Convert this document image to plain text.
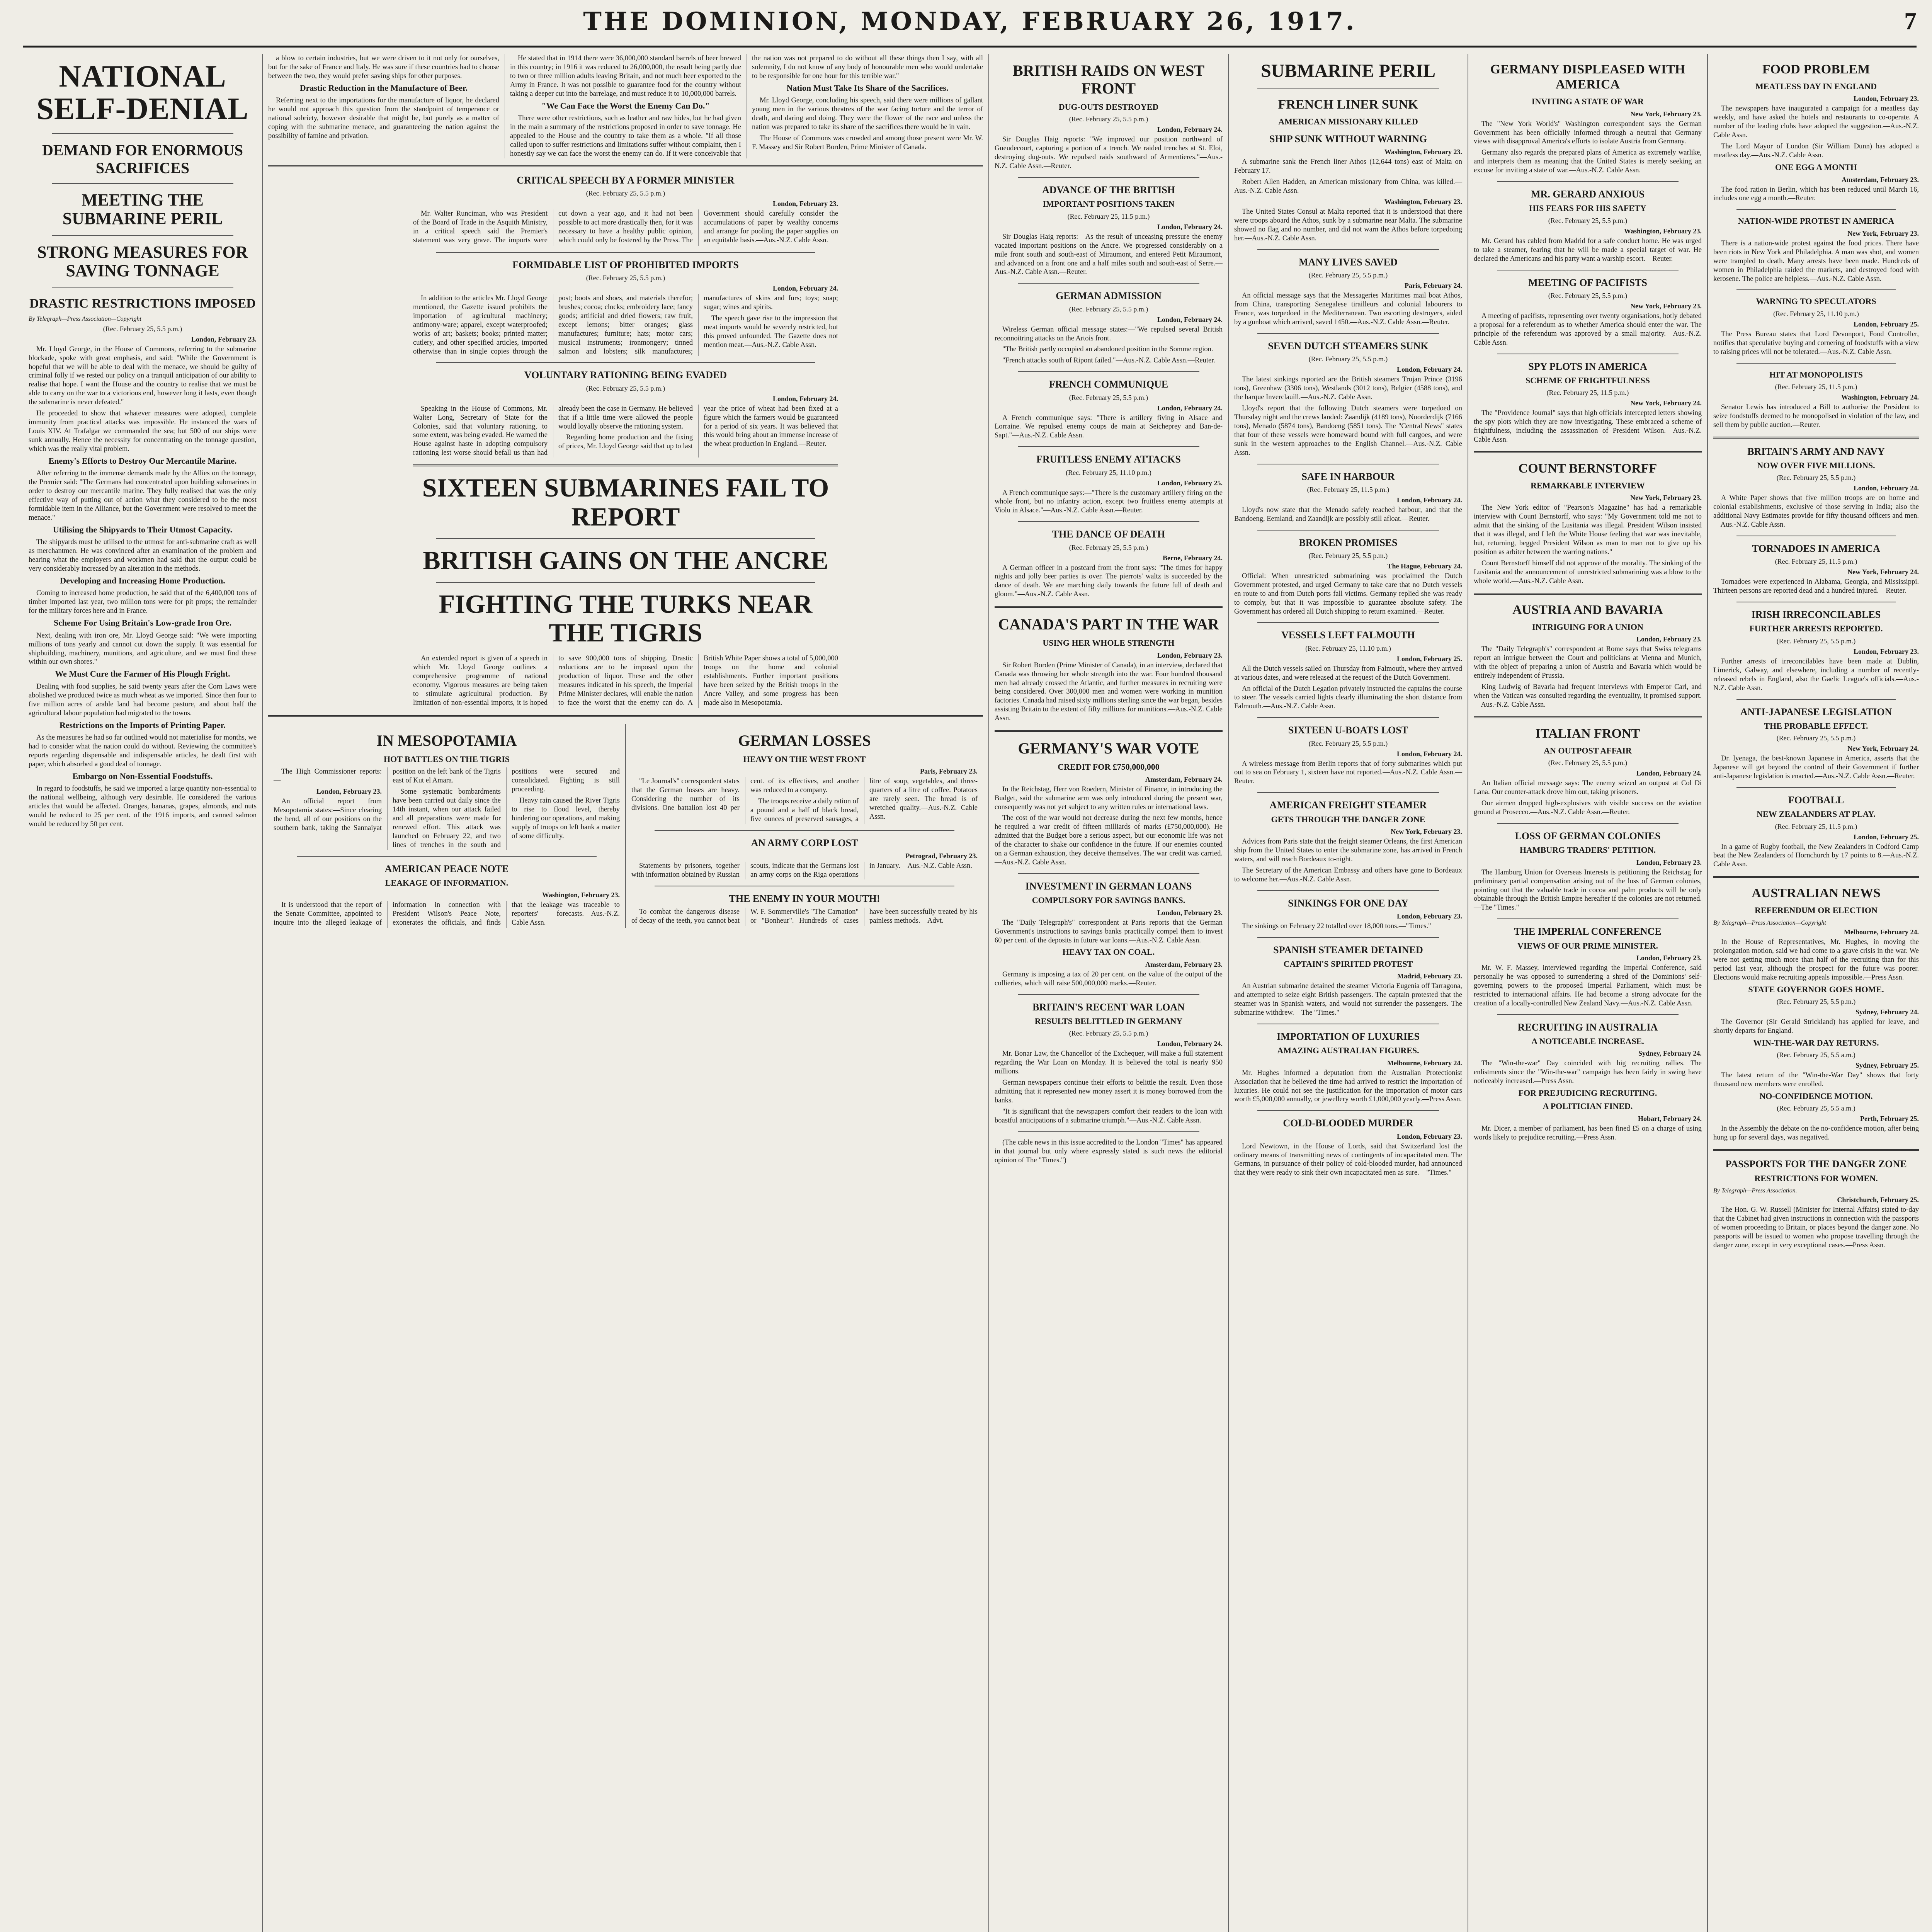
THE DOMINION, MONDAY, FEBRUARY 26, 1917.	7
NATIONAL SELF-DENIAL
DEMAND FOR ENORMOUS SACRIFICES
MEETING THE SUBMARINE PERIL
STRONG MEASURES FOR SAVING TONNAGE
DRASTIC RESTRICTIONS IMPOSED
By Telegraph—Press Association—Copyright
(Rec. February 25, 5.5 p.m.)
London, February 23.

Mr. Lloyd George, in the House of Commons, referring to the submarine blockade, spoke with great emphasis, and said: "While the Government is hopeful that we will be able to deal with the menace, we should be guilty of criminal folly if we rested our policy on a tranquil anticipation of our ability to realise that hope. I want the House and the country to realise that we must be able to carry on the war to a victorious end, however long it lasts, even though the submarine is never defeated."

He proceeded to show that whatever measures were adopted, complete immunity from practical attacks was impossible. He instanced the wars of Louis XIV. At Trafalgar we commanded the sea; but 500 of our ships were sunk annually. Hence the necessity for concentrating on the tonnage question, which was the really vital problem.

Enemy's Efforts to Destroy Our Mercantile Marine.

After referring to the immense demands made by the Allies on the tonnage, the Premier said: "The Germans had concentrated upon building submarines in order to destroy our mercantile marine. They fully realised that was the only effective way of putting out of action what they considered to be the most formidable item in the Alliance, but the Government were resolved to meet the menace."

Utilising the Shipyards to Their Utmost Capacity.

The shipyards must be utilised to the utmost for anti-submarine craft as well as merchantmen. He was convinced after an examination of the problem and hearing what the employers and workmen had said that the output could be very considerably increased by an alteration in the methods.

Developing and Increasing Home Production.

Coming to increased home production, he said that of the 6,400,000 tons of timber imported last year, two million tons were for pit props; the remainder for the military forces here and in France.

Scheme For Using Britain's Low-grade Iron Ore.

Next, dealing with iron ore, Mr. Lloyd George said: "We were importing millions of tons yearly and cannot cut down the supply. It was essential for shipbuilding, machinery, munitions, and agriculture, and we must find these within our own shores."

We Must Cure the Farmer of His Plough Fright.

Dealing with food supplies, he said twenty years after the Corn Laws were abolished we produced twice as much wheat as we imported. Since then four to five million acres of arable land had become pasture, and about half the agricultural labour population had migrated to the towns.

Restrictions on the Imports of Printing Paper.

As the measures he had so far outlined would not materialise for months, we had to consider what the nation could do without. Reviewing the committee's reports regarding dispensable and indispensable articles, he dealt first with paper, which absorbed a good deal of tonnage.

Embargo on Non-Essential Foodstuffs.

In regard to foodstuffs, he said we imported a large quantity non-essential to the national wellbeing, although very desirable. He considered the various articles that would be affected. Oranges, bananas, grapes, almonds, and nuts would be reduced to 25 per cent. of the 1916 imports, and canned salmon would be reduced by 50 per cent.

a blow to certain industries, but we were driven to it not only for ourselves, but for the sake of France and Italy. He was sure if these countries had to choose between the two, they would prefer saving ships for other purposes.

Drastic Reduction in the Manufacture of Beer.

Referring next to the importations for the manufacture of liquor, he declared he would not approach this question from the standpoint of temperance or national sobriety, however desirable that might be, but purely as a matter of coping with the submarine menace, and guaranteeing the nation against the possibility of famine and privation.

He stated that in 1914 there were 36,000,000 standard barrels of beer brewed in this country; in 1916 it was reduced to 26,000,000, the result being partly due to two or three million adults leaving Britain, and not much beer exported to the Army in France. It was not possible to guarantee food for the country without taking a deeper cut into the barrelage, and must reduce it to 10,000,000 barrels.

"We Can Face the Worst the Enemy Can Do."

There were other restrictions, such as leather and raw hides, but he had given in the main a summary of the restrictions proposed in order to save tonnage. He appealed to the House and the country to take them as a whole. "If all those called upon to suffer restrictions and limitations suffer without complaint, then I honestly say we can face the worst the enemy can do. If it were conceivable that the nation was not prepared to do without all these things then I say, with all solemnity, I do not know of any body of honourable men who would undertake to be responsible for one hour for this terrible war."

Nation Must Take Its Share of the Sacrifices.

Mr. Lloyd George, concluding his speech, said there were millions of gallant young men in the various theatres of the war facing torture and the terror of death, and daring and doing. They were the flower of the race and unless the nation was prepared to take its share of the sacrifices there would be in vain.

The House of Commons was crowded and among those present were Mr. W. F. Massey and Sir Robert Borden, Prime Minister of Canada.

CRITICAL SPEECH BY A FORMER MINISTER
(Rec. February 25, 5.5 p.m.)
London, February 23.

Mr. Walter Runciman, who was President of the Board of Trade in the Asquith Ministry, in a critical speech said the Premier's statement was very grave. The imports were cut down a year ago, and it had not been possible to act more drastically then, for it was necessary to have a healthy public opinion, which could only be fostered by the Press. The Government should carefully consider the accumulations of paper by wealthy concerns and arrange for pooling the paper supplies on an equitable basis.—Aus.-N.Z. Cable Assn.

FORMIDABLE LIST OF PROHIBITED IMPORTS
(Rec. February 25, 5.5 p.m.)
London, February 24.

In addition to the articles Mr. Lloyd George mentioned, the Gazette issued prohibits the importation of agricultural machinery; antimony-ware; apparel, except waterproofed; works of art; baskets; books; printed matter; cutlery, and other specified articles, imported otherwise than in single copies through the post; boots and shoes, and materials therefor; brushes; cocoa; clocks; embroidery lace; fancy goods; artificial and dried flowers; raw fruit, except lemons; bitter oranges; glass manufactures; furniture; hats; motor cars; musical instruments; ironmongery; tinned salmon and lobsters; silk manufactures; manufactures of skins and furs; toys; soap; sugar; wines and spirits.

The speech gave rise to the impression that meat imports would be severely restricted, but this proved unfounded. The Gazette does not mention meat.—Aus.-N.Z. Cable Assn.

VOLUNTARY RATIONING BEING EVADED
(Rec. February 25, 5.5 p.m.)
London, February 24.

Speaking in the House of Commons, Mr. Walter Long, Secretary of State for the Colonies, said that voluntary rationing, to some extent, was being evaded. He warned the House against haste in adopting compulsory rationing lest worse should befall us than had already been the case in Germany. He believed that if a little time were allowed the people would loyally observe the rationing system.

Regarding home production and the fixing of prices, Mr. Lloyd George said that up to last year the price of wheat had been fixed at a figure which the farmers would be guaranteed for a period of six years. It was believed that this would bring about an immense increase of the wheat production in England.—Reuter.

SIXTEEN SUBMARINES FAIL TO REPORT
BRITISH GAINS ON THE ANCRE
FIGHTING THE TURKS NEAR THE TIGRIS

An extended report is given of a speech in which Mr. Lloyd George outlines a comprehensive programme of national economy. Vigorous measures are being taken to stimulate agricultural production. By limitation of non-essential imports, it is hoped to save 900,000 tons of shipping. Drastic reductions are to be imposed upon the production of liquor. These and the other measures indicated in his speech, the Imperial Prime Minister declares, will enable the nation to face the worst that the enemy can do. A British White Paper shows a total of 5,000,000 troops on the home and colonial establishments. Further important positions have been seized by the British troops in the Ancre Valley, and some progress has been made also in Mesopotamia.

IN MESOPOTAMIA
HOT BATTLES ON THE TIGRIS

The High Commissioner reports:—

London, February 23.

An official report from Mesopotamia states:—Since clearing the bend, all of our positions on the southern bank, taking the Sannaiyat position on the left bank of the Tigris east of Kut el Amara.

Some systematic bombardments have been carried out daily since the 14th instant, when our attack failed and all preparations were made for renewed effort. This attack was launched on February 22, and two lines of trenches in the south and positions were secured and consolidated. Fighting is still proceeding.

Heavy rain caused the River Tigris to rise to flood level, thereby hindering our operations, and making supply of troops on left bank a matter of some difficulty.

AMERICAN PEACE NOTE
LEAKAGE OF INFORMATION.
Washington, February 23.

It is understood that the report of the Senate Committee, appointed to inquire into the alleged leakage of information in connection with President Wilson's Peace Note, exonerates the officials, and finds that the leakage was traceable to reporters' forecasts.—Aus.-N.Z. Cable Assn.

GERMAN LOSSES
HEAVY ON THE WEST FRONT
Paris, February 23.

"Le Journal's" correspondent states that the German losses are heavy. Considering the number of its divisions. One battalion lost 40 per cent. of its effectives, and another was reduced to a company.

The troops receive a daily ration of a pound and a half of black bread, five ounces of preserved sausages, a litre of soup, vegetables, and three-quarters of a litre of coffee. Potatoes are rarely seen. The bread is of wretched quality.—Aus.-N.Z. Cable Assn.

AN ARMY CORP LOST
Petrograd, February 23.

Statements by prisoners, together with information obtained by Russian scouts, indicate that the Germans lost an army corps on the Riga operations in January.—Aus.-N.Z. Cable Assn.

THE ENEMY IN YOUR MOUTH!

To combat the dangerous disease of decay of the teeth, you cannot beat W. F. Sommerville's "The Carnation" or "Bonheur". Hundreds of cases have been successfully treated by his painless methods.—Advt.

BRITISH RAIDS ON WEST FRONT
DUG-OUTS DESTROYED
(Rec. February 25, 5.5 p.m.)
London, February 24.

Sir Douglas Haig reports: "We improved our position northward of Gueudecourt, capturing a portion of a trench. We raided trenches at St. Eloi, destroying dug-outs. We repulsed raids southward of Armentieres."—Aus.-N.Z. Cable Assn.—Reuter.

ADVANCE OF THE BRITISH
IMPORTANT POSITIONS TAKEN
(Rec. February 25, 11.5 p.m.)
London, February 24.

Sir Douglas Haig reports:—As the result of unceasing pressure the enemy vacated important positions on the Ancre. We progressed considerably on a mile front south and south-east of Miraumont, and entered Petit Miraumont, and advanced on a front one and a half miles south and south-east of Serre.—Aus.-N.Z. Cable Assn.—Reuter.

GERMAN ADMISSION
(Rec. February 25, 5.5 p.m.)
London, February 24.

Wireless German official message states:—"We repulsed several British reconnoitring attacks on the Artois front.

"The British partly occupied an abandoned position in the Somme region.

"French attacks south of Ripont failed."—Aus.-N.Z. Cable Assn.—Reuter.

FRENCH COMMUNIQUE
(Rec. February 25, 5.5 p.m.)
London, February 24.

A French communique says: "There is artillery fiving in Alsace and Lorraine. We repulsed enemy coups de main at Seicheprey and Ban-de-Sapt."—Aus.-N.Z. Cable Assn.

FRUITLESS ENEMY ATTACKS
(Rec. February 25, 11.10 p.m.)
London, February 25.

A French communique says:—"There is the customary artillery firing on the whole front, but no infantry action, except two fruitless enemy attempts at Violu in Alsace."—Aus.-N.Z. Cable Assn.—Reuter.

THE DANCE OF DEATH
(Rec. February 25, 5.5 p.m.)
Berne, February 24.

A German officer in a postcard from the front says: "The times for happy nights and jolly beer parties is over. The pierrots' waltz is succeeded by the dance of death. We are marching daily towards the future full of death and gloom."—Aus.-N.Z. Cable Assn.

CANADA'S PART IN THE WAR
USING HER WHOLE STRENGTH
London, February 23.

Sir Robert Borden (Prime Minister of Canada), in an interview, declared that Canada was throwing her whole strength into the war. Four hundred thousand men had already crossed the Atlantic, and further measures in recruiting were being considered. Over 300,000 men and women were working in munition factories. Canada had raised sixty millions sterling since the war began, besides assisting Britain to the extent of fifty millions for munitions.—Aus.-N.Z. Cable Assn.

GERMANY'S WAR VOTE
CREDIT FOR £750,000,000
Amsterdam, February 24.

In the Reichstag, Herr von Roedern, Minister of Finance, in introducing the Budget, said the submarine arm was only introduced during the present war, consequently was not yet subject to any written rules or international laws.

The cost of the war would not decrease during the next few months, hence he required a war credit of fifteen milliards of marks (£750,000,000). He admitted that the Budget bore a serious aspect, but our economic life was not of the character to shake our confidence in the future. If our enemies counted on a German exhaustion, they deceive themselves. The war credit was carried.—Aus.-N.Z. Cable Assn.

INVESTMENT IN GERMAN LOANS
COMPULSORY FOR SAVINGS BANKS.
London, February 23.

The "Daily Telegraph's" correspondent at Paris reports that the German Government's instructions to savings banks practically compel them to invest 60 per cent. of the deposits in future war loans.—Aus.-N.Z. Cable Assn.

HEAVY TAX ON COAL.
Amsterdam, February 23.

Germany is imposing a tax of 20 per cent. on the value of the output of the collieries, which will raise 500,000,000 marks.—Reuter.

BRITAIN'S RECENT WAR LOAN
RESULTS BELITTLED IN GERMANY
(Rec. February 25, 5.5 p.m.)
London, February 24.

Mr. Bonar Law, the Chancellor of the Exchequer, will make a full statement regarding the War Loan on Monday. It is believed the total is nearly 950 millions.

German newspapers continue their efforts to belittle the result. Even those admitting that it represented new money assert it is money borrowed from the banks.

"It is significant that the newspapers comfort their readers to the loan with boastful anticipations of a submarine triumph."—Aus.-N.Z. Cable Assn.

(The cable news in this issue accredited to the London "Times" has appeared in that journal but only where expressly stated is such news the editorial opinion of The "Times.")

SUBMARINE PERIL
FRENCH LINER SUNK
AMERICAN MISSIONARY KILLED
SHIP SUNK WITHOUT WARNING
Washington, February 23.

A submarine sank the French liner Athos (12,644 tons) east of Malta on February 17.

Robert Allen Hadden, an American missionary from China, was killed.—Aus.-N.Z. Cable Assn.

Washington, February 23.

The United States Consul at Malta reported that it is understood that there were troops aboard the Athos, sunk by a submarine near Malta. The submarine showed no flag and no number, and did not warn the Athos before torpedoing her.—Aus.-N.Z. Cable Assn.

MANY LIVES SAVED
(Rec. February 25, 5.5 p.m.)
Paris, February 24.

An official message says that the Messageries Maritimes mail boat Athos, from China, transporting Senegalese tirailleurs and colonial labourers to France, was torpedoed in the Mediterranean. Two escorting destroyers, aided by a gunboat which arrived, saved 1450.—Aus.-N.Z. Cable Assn.—Reuter.

SEVEN DUTCH STEAMERS SUNK
(Rec. February 25, 5.5 p.m.)
London, February 24.

The latest sinkings reported are the British steamers Trojan Prince (3196 tons), Greenhaw (3306 tons), Westlands (3012 tons), Belgier (4588 tons), and the barque Inverclauill.—Aus.-N.Z. Cable Assn.

Lloyd's report that the following Dutch steamers were torpedoed on Thursday night and the crews landed: Zaandijk (4189 tons), Noorderdijk (7166 tons), Menado (5874 tons), Bandoeng (5851 tons). The "Central News" states that four of these vessels were homeward bound with full cargoes, and were sunk in the western approaches to the English Channel.—Aus.-N.Z. Cable Assn.

SAFE IN HARBOUR
(Rec. February 25, 11.5 p.m.)
London, February 24.

Lloyd's now state that the Menado safely reached harbour, and that the Bandoeng, Eemland, and Zaandijk are possibly still afloat.—Reuter.

BROKEN PROMISES
(Rec. February 25, 5.5 p.m.)
The Hague, February 24.

Official: When unrestricted submarining was proclaimed the Dutch Government protested, and urged Germany to take care that no Dutch vessels en route to and from Dutch ports fall victims. Germany replied she was ready to comply, but that it was impossible to guarantee absolute safety. The Government has ordered all Dutch shipping to return examined.—Reuter.

VESSELS LEFT FALMOUTH
(Rec. February 25, 11.10 p.m.)
London, February 25.

All the Dutch vessels sailed on Thursday from Falmouth, where they arrived at various dates, and were released at the request of the Dutch Government.

An official of the Dutch Legation privately instructed the captains the course to steer. The vessels carried lights clearly illuminating the short distance from Falmouth.—Aus.-N.Z. Cable Assn.

SIXTEEN U-BOATS LOST
(Rec. February 25, 5.5 p.m.)
London, February 24.

A wireless message from Berlin reports that of forty submarines which put out to sea on February 1, sixteen have not reported.—Aus.-N.Z. Cable Assn.—Reuter.

AMERICAN FREIGHT STEAMER
GETS THROUGH THE DANGER ZONE
New York, February 23.

Advices from Paris state that the freight steamer Orleans, the first American ship from the United States to enter the submarine zone, has arrived in French waters, and will reach Bordeaux to-night.

The Secretary of the American Embassy and others have gone to Bordeaux to welcome her.—Aus.-N.Z. Cable Assn.

SINKINGS FOR ONE DAY
London, February 23.

The sinkings on February 22 totalled over 18,000 tons.—"Times."

SPANISH STEAMER DETAINED
CAPTAIN'S SPIRITED PROTEST
Madrid, February 23.

An Austrian submarine detained the steamer Victoria Eugenia off Tarragona, and attempted to seize eight British passengers. The captain protested that the steamer was in Spanish waters, and would not surrender the passengers. The submarine withdrew.—The "Times."

IMPORTATION OF LUXURIES
AMAZING AUSTRALIAN FIGURES.
Melbourne, February 24.

Mr. Hughes informed a deputation from the Australian Protectionist Association that he believed the time had arrived to restrict the importation of luxuries. He could not see the justification for the importation of motor cars worth £5,000,000 annually, or jewellery worth £1,000,000 yearly.—Press Assn.

COLD-BLOODED MURDER
London, February 23.

Lord Newtown, in the House of Lords, said that Switzerland lost the ordinary means of transmitting news of contingents of incapacitated men. The Germans, in pursuance of their policy of cold-blooded murder, had announced that they were ready to sink their own incapacitated men as sure.—"Times."

GERMANY DISPLEASED WITH AMERICA
INVITING A STATE OF WAR
New York, February 23.

The "New York World's" Washington correspondent says the German Government has been officially informed through a neutral that Germany views with disapproval America's efforts to isolate Austria from Germany.

Germany also regards the prepared plans of America as extremely warlike, and interprets them as meaning that the United States is merely seeking an excuse for inviting a state of war.—Aus.-N.Z. Cable Assn.

MR. GERARD ANXIOUS
HIS FEARS FOR HIS SAFETY
(Rec. February 25, 5.5 p.m.)
Washington, February 23.

Mr. Gerard has cabled from Madrid for a safe conduct home. He was urged to take a steamer, fearing that he will be made a special target of war. He declared the Americans and his party want a warship escort.—Reuter.

MEETING OF PACIFISTS
(Rec. February 25, 5.5 p.m.)
New York, February 23.

A meeting of pacifists, representing over twenty organisations, hotly debated a proposal for a referendum as to whether America should enter the war. The principle of the referendum was approved by a small majority.—Aus.-N.Z. Cable Assn.

SPY PLOTS IN AMERICA
SCHEME OF FRIGHTFULNESS
(Rec. February 25, 11.5 p.m.)
New York, February 24.

The "Providence Journal" says that high officials intercepted letters showing the spy plots which they are now investigating. These embraced a scheme of frightfulness, including the assassination of President Wilson.—Aus.-N.Z. Cable Assn.

COUNT BERNSTORFF
REMARKABLE INTERVIEW
New York, February 23.

The New York editor of "Pearson's Magazine" has had a remarkable interview with Count Bernstorff, who says: "My Government told me not to admit that the sinking of the Lusitania was illegal. President Wilson insisted that it was illegal, and I left the White House feeling that war was inevitable, but, returning, begged President Wilson as man to man not to give up his position as arbiter between the warring nations."

Count Bernstorff himself did not approve of the morality. The sinking of the Lusitania and the announcement of unrestricted submarining was a blow to the whole world.—Aus.-N.Z. Cable Assn.

AUSTRIA AND BAVARIA
INTRIGUING FOR A UNION
London, February 23.

The "Daily Telegraph's" correspondent at Rome says that Swiss telegrams report an intrigue between the Court and politicians at Vienna and Munich, with the object of preparing a union of Austria and Bavaria which would be entirely independent of Prussia.

King Ludwig of Bavaria had frequent interviews with Emperor Carl, and when the Vatican was consulted regarding the eventuality, it promised support.—Aus.-N.Z. Cable Assn.

ITALIAN FRONT
AN OUTPOST AFFAIR
(Rec. February 25, 5.5 p.m.)
London, February 24.

An Italian official message says: The enemy seized an outpost at Col Di Lana. Our counter-attack drove him out, taking prisoners.

Our airmen dropped high-explosives with visible success on the aviation ground at Prosecco.—Aus.-N.Z. Cable Assn.—Reuter.

LOSS OF GERMAN COLONIES
HAMBURG TRADERS' PETITION.
London, February 23.

The Hamburg Union for Overseas Interests is petitioning the Reichstag for preliminary partial compensation arising out of the loss of German colonies, pointing out that the valuable trade in cocoa and palm products will be only obtainable through the British Empire hereafter if the colonies are not returned.—The "Times."

THE IMPERIAL CONFERENCE
VIEWS OF OUR PRIME MINISTER.
London, February 23.

Mr. W. F. Massey, interviewed regarding the Imperial Conference, said personally he was opposed to surrendering a shred of the Dominions' self-governing powers to the proposed Imperial Parliament, which must be restricted to international affairs. He had become a strong advocate for the creation of a locally-controlled New Zealand Navy.—Aus.-N.Z. Cable Assn.

RECRUITING IN AUSTRALIA
A NOTICEABLE INCREASE.
Sydney, February 24.

The "Win-the-war" Day coincided with big recruiting rallies. The enlistments since the "Win-the-war" campaign has been fairly in swing have noticeably increased.—Press Assn.

FOR PREJUDICING RECRUITING.
A POLITICIAN FINED.
Hobart, February 24.

Mr. Dicer, a member of parliament, has been fined £5 on a charge of using words likely to prejudice recruiting.—Press Assn.

FOOD PROBLEM
MEATLESS DAY IN ENGLAND
London, February 23.

The newspapers have inaugurated a campaign for a meatless day weekly, and have asked the hotels and restaurants to co-operate. A number of the leading clubs have adopted the suggestion.—Aus.-N.Z. Cable Assn.

The Lord Mayor of London (Sir William Dunn) has adopted a meatless day.—Aus.-N.Z. Cable Assn.

ONE EGG A MONTH
Amsterdam, February 23.

The food ration in Berlin, which has been reduced until March 16, includes one egg a month.—Reuter.

NATION-WIDE PROTEST IN AMERICA
New York, February 23.

There is a nation-wide protest against the food prices. There have been riots in New York and Philadelphia. A man was shot, and women were trampled to death. Many arrests have been made. Hundreds of women in Philadelphia raided the markets, and destroyed food with kerosene. The police are helpless.—Aus.-N.Z. Cable Assn.

WARNING TO SPECULATORS
(Rec. February 25, 11.10 p.m.)
London, February 25.

The Press Bureau states that Lord Devonport, Food Controller, notifies that speculative buying and cornering of foodstuffs with a view to raising prices will not be tolerated.—Aus.-N.Z. Cable Assn.

HIT AT MONOPOLISTS
(Rec. February 25, 11.5 p.m.)
Washington, February 24.

Senator Lewis has introduced a Bill to authorise the President to seize foodstuffs deemed to be monopolised in violation of the law, and sell them by public auction.—Reuter.

BRITAIN'S ARMY AND NAVY
NOW OVER FIVE MILLIONS.
(Rec. February 25, 5.5 p.m.)
London, February 24.

A White Paper shows that five million troops are on home and colonial establishments, exclusive of those serving in India; also the additional Navy Estimates provide for fifty thousand officers and men.—Aus.-N.Z. Cable Assn.

TORNADOES IN AMERICA
(Rec. February 25, 11.5 p.m.)
New York, February 24.

Tornadoes were experienced in Alabama, Georgia, and Mississippi. Thirteen persons are reported dead and a hundred injured.—Reuter.

IRISH IRRECONCILABLES
FURTHER ARRESTS REPORTED.
(Rec. February 25, 5.5 p.m.)
London, February 23.

Further arrests of irreconcilables have been made at Dublin, Limerick, Galway, and elsewhere, including a number of recently-released rebels in England, also the Gaelic League's officials.—Aus.-N.Z. Cable Assn.

ANTI-JAPANESE LEGISLATION
THE PROBABLE EFFECT.
(Rec. February 25, 5.5 p.m.)
New York, February 24.

Dr. Iyenaga, the best-known Japanese in America, asserts that the Japanese will get beyond the control of their Government if further anti-Japanese legislation is enacted.—Aus.-N.Z. Cable Assn.—Reuter.

FOOTBALL
NEW ZEALANDERS AT PLAY.
(Rec. February 25, 11.5 p.m.)
London, February 25.

In a game of Rugby football, the New Zealanders in Codford Camp beat the New Zealanders of Hornchurch by 17 points to 8.—Aus.-N.Z. Cable Assn.

AUSTRALIAN NEWS
REFERENDUM OR ELECTION
By Telegraph—Press Association—Copyright
Melbourne, February 24.

In the House of Representatives, Mr. Hughes, in moving the prolongation motion, said we had come to a grave crisis in the war. We were not getting much more than half of the recruiting than for this period last year, although the prospect for the future was poorer. Elections would make recruiting appeals impossible.—Press Assn.

STATE GOVERNOR GOES HOME.
(Rec. February 25, 5.5 p.m.)
Sydney, February 24.

The Governor (Sir Gerald Strickland) has applied for leave, and shortly departs for England.

WIN-THE-WAR DAY RETURNS.
(Rec. February 25, 5.5 a.m.)
Sydney, February 25.

The latest return of the "Win-the-War Day" shows that forty thousand new members were enrolled.

NO-CONFIDENCE MOTION.
(Rec. February 25, 5.5 a.m.)
Perth, February 25.

In the Assembly the debate on the no-confidence motion, after being hung up for several days, was negatived.

PASSPORTS FOR THE DANGER ZONE
RESTRICTIONS FOR WOMEN.
By Telegraph—Press Association.
Christchurch, February 25.

The Hon. G. W. Russell (Minister for Internal Affairs) stated to-day that the Cabinet had given instructions in connection with the passports of women proceeding to Britain, or places beyond the danger zone. No passports will be issued to women who propose travelling through the danger zone, except in very exceptional cases.—Press Assn.
